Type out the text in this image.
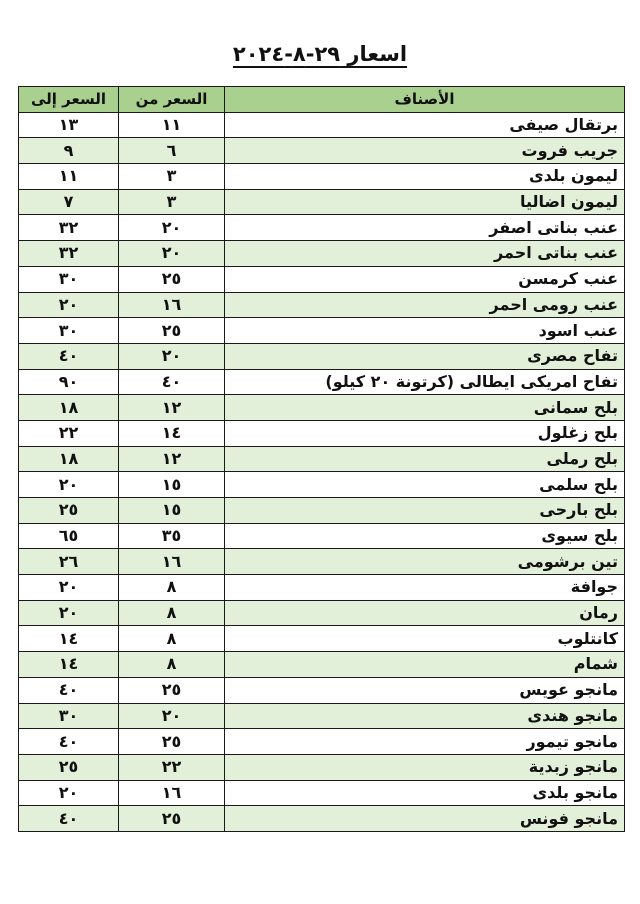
اسعار ٢٩-٨-٢٠٢٤
الأصناف	السعر من	السعر إلى
برتقال صيفى	١١	١٣
جريب فروت	٦	٩
ليمون بلدى	٣	١١
ليمون اضاليا	٣	٧
عنب بناتى اصفر	٢٠	٣٢
عنب بناتى احمر	٢٠	٣٢
عنب كرمسن	٢٥	٣٠
عنب رومى احمر	١٦	٢٠
عنب اسود	٢٥	٣٠
تفاح مصرى	٢٠	٤٠
تفاح امريكى ايطالى (كرتونة ٢٠ كيلو)	٤٠	٩٠
بلح سمانى	١٢	١٨
بلح زغلول	١٤	٢٢
بلح رملى	١٢	١٨
بلح سلمى	١٥	٢٠
بلح بارحى	١٥	٢٥
بلح سيوى	٣٥	٦٥
تين برشومى	١٦	٢٦
جوافة	٨	٢٠
رمان	٨	٢٠
كانتلوب	٨	١٤
شمام	٨	١٤
مانجو عويس	٢٥	٤٠
مانجو هندى	٢٠	٣٠
مانجو تيمور	٢٥	٤٠
مانجو زبدية	٢٢	٢٥
مانجو بلدى	١٦	٢٠
مانجو فونس	٢٥	٤٠
